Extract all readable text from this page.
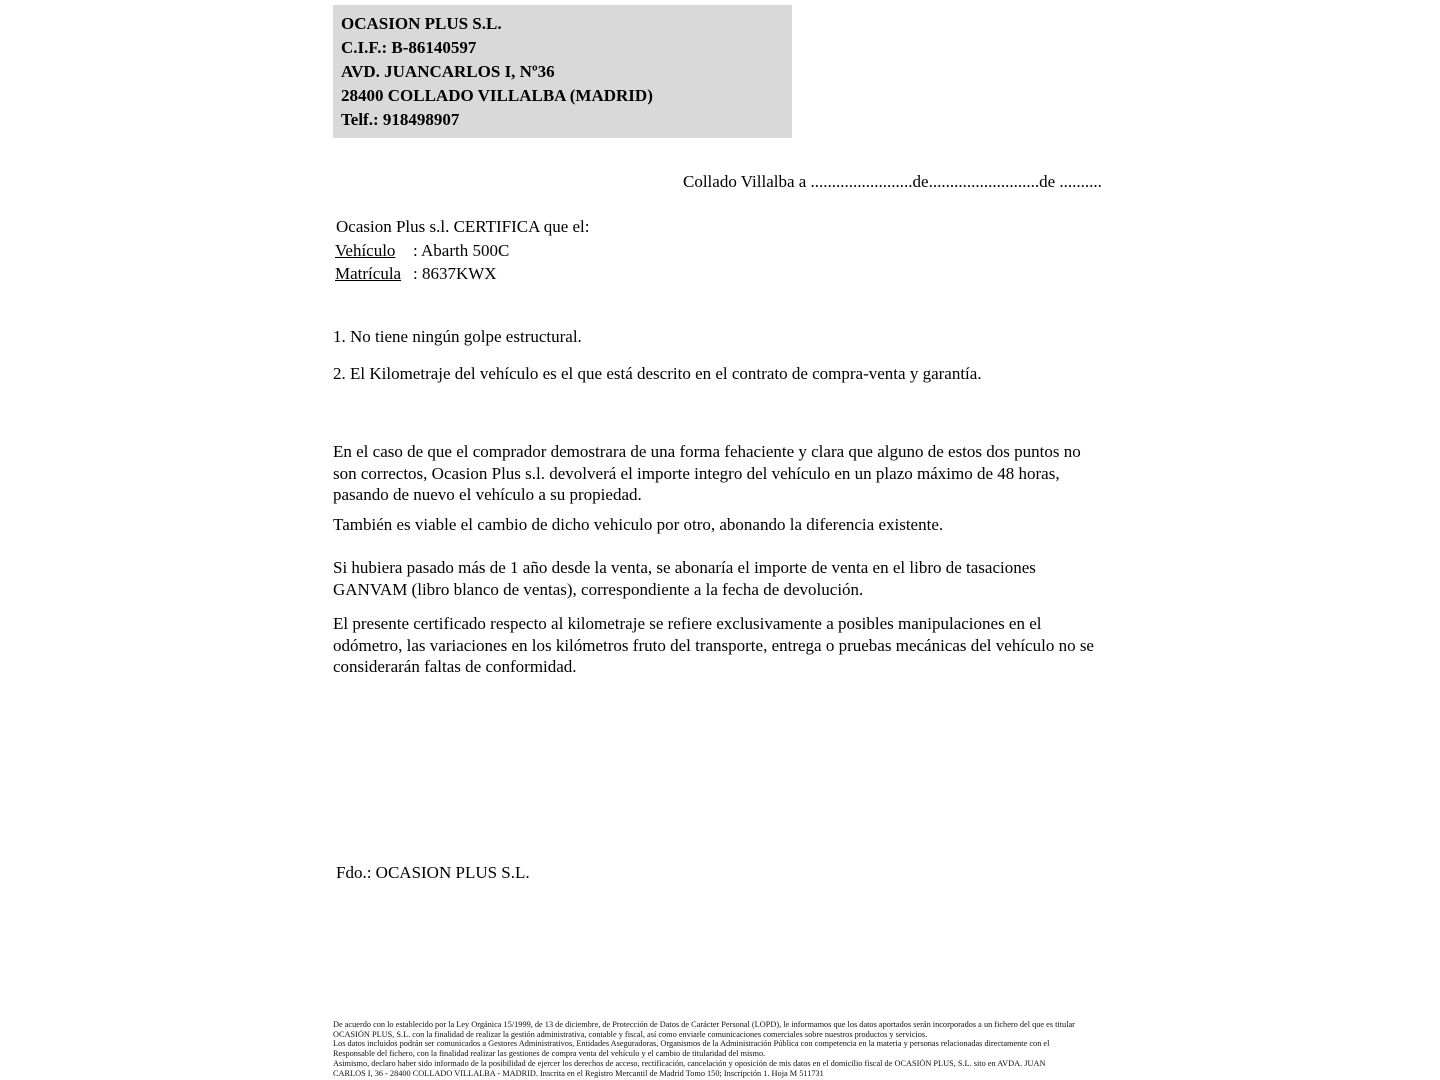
OCASION PLUS S.L.
C.I.F.: B-86140597
AVD. JUANCARLOS I, Nº36
28400 COLLADO VILLALBA (MADRID)
Telf.: 918498907
Collado Villalba a ........................de..........................de ..........
Ocasion Plus s.l. CERTIFICA que el:
Vehículo : Abarth 500C
Matrícula : 8637KWX
1. No tiene ningún golpe estructural.
2. El Kilometraje del vehículo es el que está descrito en el contrato de compra-venta y garantía.
En el caso de que el comprador demostrara de una forma fehaciente y clara que alguno de estos dos puntos no son correctos, Ocasion Plus s.l. devolverá el importe integro del vehículo en un plazo máximo de 48 horas, pasando de nuevo el vehículo a su propiedad.
También es viable el cambio de dicho vehiculo por otro, abonando la diferencia existente.
Si hubiera pasado más de 1 año desde la venta, se abonaría el importe de venta en el libro de tasaciones GANVAM (libro blanco de ventas), correspondiente a la fecha de devolución.
El presente certificado respecto al kilometraje se refiere exclusivamente a posibles manipulaciones en el odómetro, las variaciones en los kilómetros fruto del transporte, entrega o pruebas mecánicas del vehículo no se considerarán faltas de conformidad.
Fdo.: OCASION PLUS S.L.
De acuerdo con lo establecido por la Ley Orgánica 15/1999, de 13 de diciembre, de Protección de Datos de Carácter Personal (LOPD), le informamos que los datos aportados serán incorporados a un fichero del que es titular
OCASIÓN PLUS, S.L. con la finalidad de realizar la gestión administrativa, contable y fiscal, así como enviarle comunicaciones comerciales sobre nuestros productos y servicios.
Los datos incluidos podrán ser comunicados a Gestores Administrativos, Entidades Aseguradoras, Organismos de la Administración Pública con competencia en la materia y personas relacionadas directamente con el
Responsable del fichero, con la finalidad realizar las gestiones de compra venta del vehículo y el cambio de titularidad del mismo.
Asimismo, declaro haber sido informado de la posibilidad de ejercer los derechos de acceso, rectificación, cancelación y oposición de mis datos en el domicilio fiscal de OCASIÓN PLUS, S.L. sito en AVDA. JUAN
CARLOS I, 36 - 28400 COLLADO VILLALBA - MADRID. Inscrita en el Registro Mercantil de Madrid Tomo 150; Inscripción 1. Hoja M 511731
